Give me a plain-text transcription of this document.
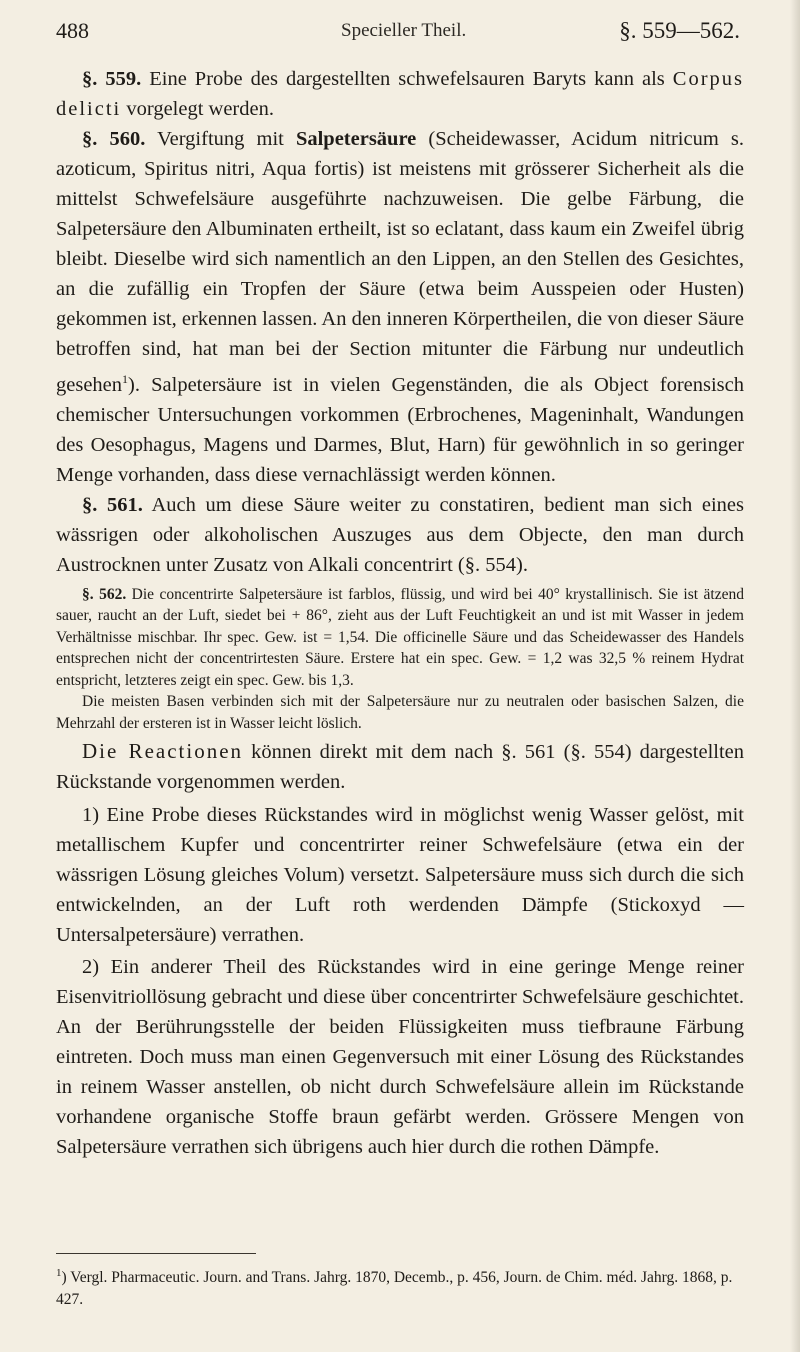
488	Specieller Theil.	§. 559—562.

§. 559. Eine Probe des dargestellten schwefelsauren Baryts kann als Corpus delicti vorgelegt werden.

§. 560. Vergiftung mit Salpetersäure (Scheidewasser, Acidum nitricum s. azoticum, Spiritus nitri, Aqua fortis) ist meistens mit grösserer Sicherheit als die mittelst Schwefelsäure ausgeführte nachzuweisen. Die gelbe Färbung, die Salpetersäure den Albuminaten ertheilt, ist so eclatant, dass kaum ein Zweifel übrig bleibt. Dieselbe wird sich namentlich an den Lippen, an den Stellen des Gesichtes, an die zufällig ein Tropfen der Säure (etwa beim Ausspeien oder Husten) gekommen ist, erkennen lassen. An den inneren Körpertheilen, die von dieser Säure betroffen sind, hat man bei der Section mitunter die Färbung nur undeutlich gesehen$^1$). Salpetersäure ist in vielen Gegenständen, die als Object forensisch chemischer Untersuchungen vorkommen (Erbrochenes, Mageninhalt, Wandungen des Oesophagus, Magens und Darmes, Blut, Harn) für gewöhnlich in so geringer Menge vorhanden, dass diese vernachlässigt werden können.

§. 561. Auch um diese Säure weiter zu constatiren, bedient man sich eines wässrigen oder alkoholischen Auszuges aus dem Objecte, den man durch Austrocknen unter Zusatz von Alkali concentrirt (§. 554).

§. 562. Die concentrirte Salpetersäure ist farblos, flüssig, und wird bei 40° krystallinisch. Sie ist ätzend sauer, raucht an der Luft, siedet bei + 86°, zieht aus der Luft Feuchtigkeit an und ist mit Wasser in jedem Verhältnisse mischbar. Ihr spec. Gew. ist = 1,54. Die officinelle Säure und das Scheidewasser des Handels entsprechen nicht der concentrirtesten Säure. Erstere hat ein spec. Gew. = 1,2 was 32,5 % reinem Hydrat entspricht, letzteres zeigt ein spec. Gew. bis 1,3.

Die meisten Basen verbinden sich mit der Salpetersäure nur zu neutralen oder basischen Salzen, die Mehrzahl der ersteren ist in Wasser leicht löslich.

Die Reactionen können direkt mit dem nach §. 561 (§. 554) dargestellten Rückstande vorgenommen werden.

1) Eine Probe dieses Rückstandes wird in möglichst wenig Wasser gelöst, mit metallischem Kupfer und concentrirter reiner Schwefelsäure (etwa ein der wässrigen Lösung gleiches Volum) versetzt. Salpetersäure muss sich durch die sich entwickelnden, an der Luft roth werdenden Dämpfe (Stickoxyd — Untersalpetersäure) verrathen.

2) Ein anderer Theil des Rückstandes wird in eine geringe Menge reiner Eisenvitriollösung gebracht und diese über concentrirter Schwefelsäure geschichtet. An der Berührungsstelle der beiden Flüssigkeiten muss tiefbraune Färbung eintreten. Doch muss man einen Gegenversuch mit einer Lösung des Rückstandes in reinem Wasser anstellen, ob nicht durch Schwefelsäure allein im Rückstande vorhandene organische Stoffe braun gefärbt werden. Grössere Mengen von Salpetersäure verrathen sich übrigens auch hier durch die rothen Dämpfe.

$^1$) Vergl. Pharmaceutic. Journ. and Trans. Jahrg. 1870, Decemb., p. 456, Journ. de Chim. méd. Jahrg. 1868, p. 427.
